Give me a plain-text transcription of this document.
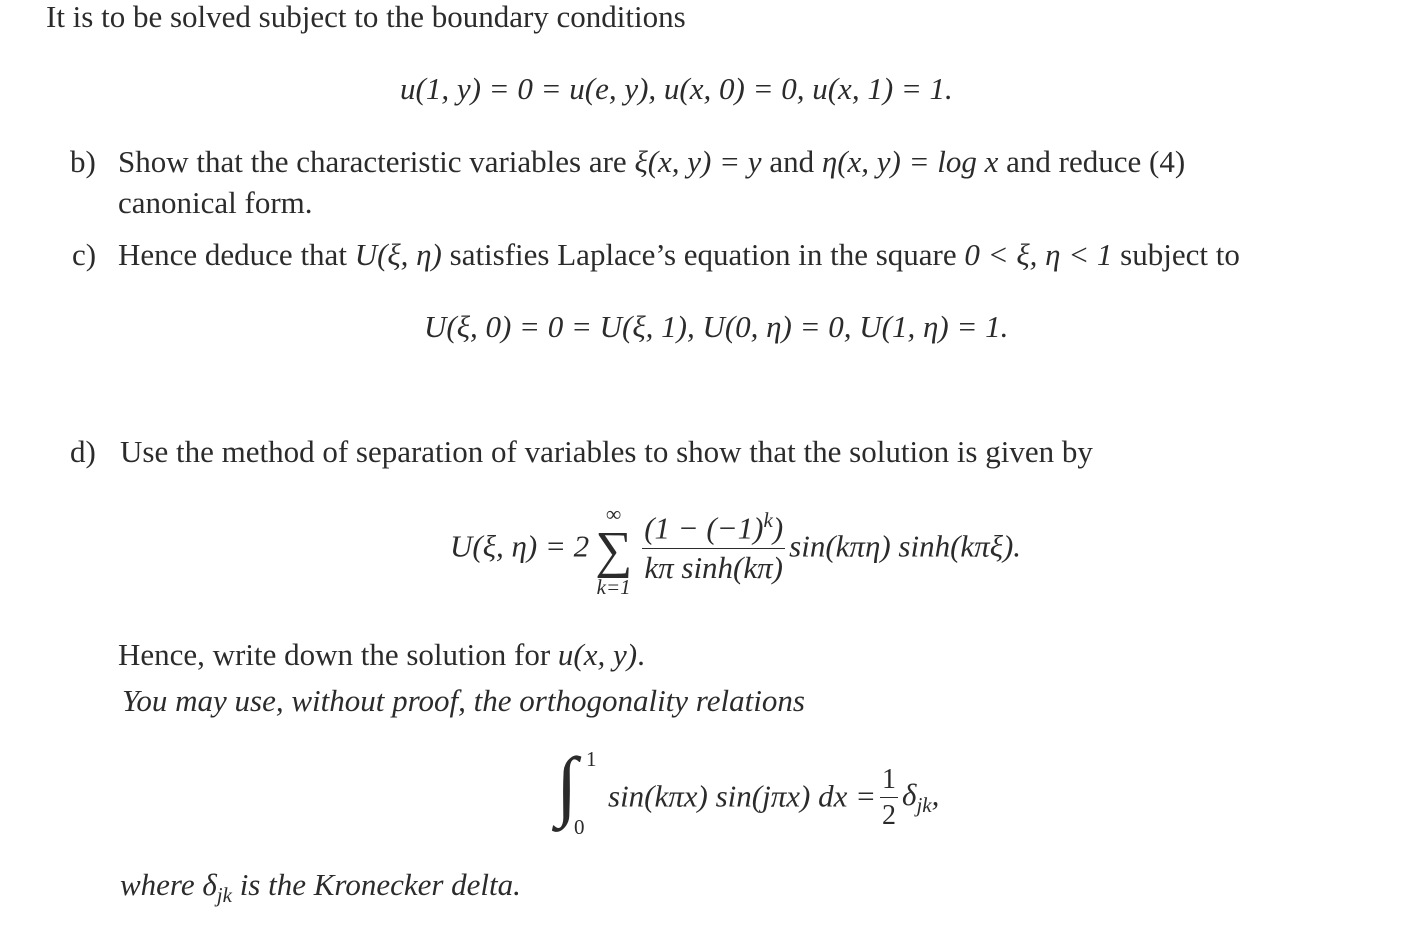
It is to be solved subject to the boundary conditions
u(1, y) = 0 = u(e, y), u(x, 0) = 0, u(x, 1) = 1.
b) Show that the characteristic variables are ξ(x, y) = y and η(x, y) = log x and reduce (4)
canonical form.
c) Hence deduce that U(ξ, η) satisfies Laplace’s equation in the square 0 < ξ, η < 1 subject to
U(ξ, 0) = 0 = U(ξ, 1), U(0, η) = 0, U(1, η) = 1.
d) Use the method of separation of variables to show that the solution is given by
U(ξ, η) = 2
∞
∑
$k=1 \frac{(1 - (-1)^k)}{\text{kπ sinh(kπ)}} \sin(k\pi\eta)$ sinh(kπξ).
Hence, write down the solution for u(x, y).
You may use, without proof, the orthogonality relations
∫ 1
0
sin(kπx) sin(jπx) dx = $\frac{1}{2} \delta_{jk}$,
where $\delta_{jk}$ is the Kronecker delta.
